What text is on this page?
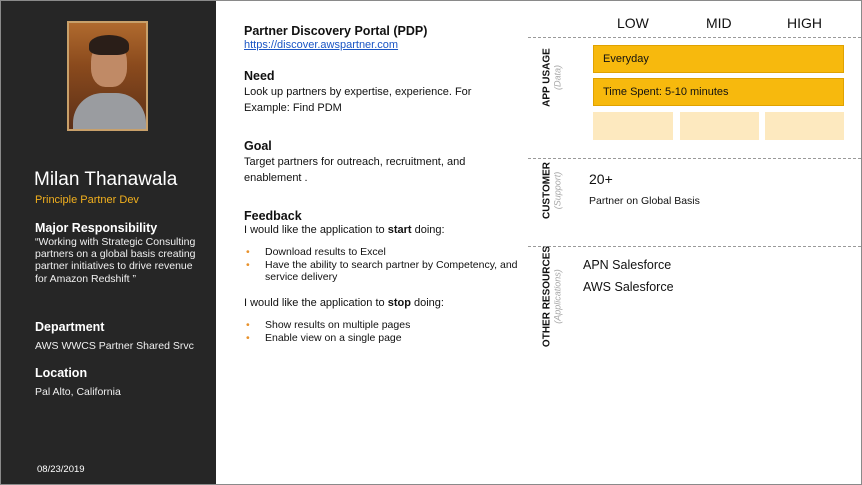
Milan Thanawala
Principle Partner Dev
Major Responsibility
“Working with Strategic Consulting partners on a global basis creating partner initiatives to drive revenue for Amazon Redshift ”
Department
AWS WWCS Partner Shared Srvc
Location
Pal Alto, California
08/23/2019
Partner Discovery Portal (PDP)
https://discover.awspartner.com
Need
Look up partners by expertise, experience. For Example: Find PDM
Goal
Target partners for outreach, recruitment, and enablement .
Feedback
I would like the application to start doing:
• Download results to Excel
• Have the ability to search partner by Competency, and service delivery
I would like the application to stop doing:
• Show results on multiple pages
• Enable view on a single page
LOW	MID	HIGH
APP USAGE (Data)
Everyday
Time Spent: 5-10 minutes
CUSTOMER (Support) 20+
Partner on Global Basis
OTHER RESOURCES (Applications)
APN Salesforce
AWS Salesforce
